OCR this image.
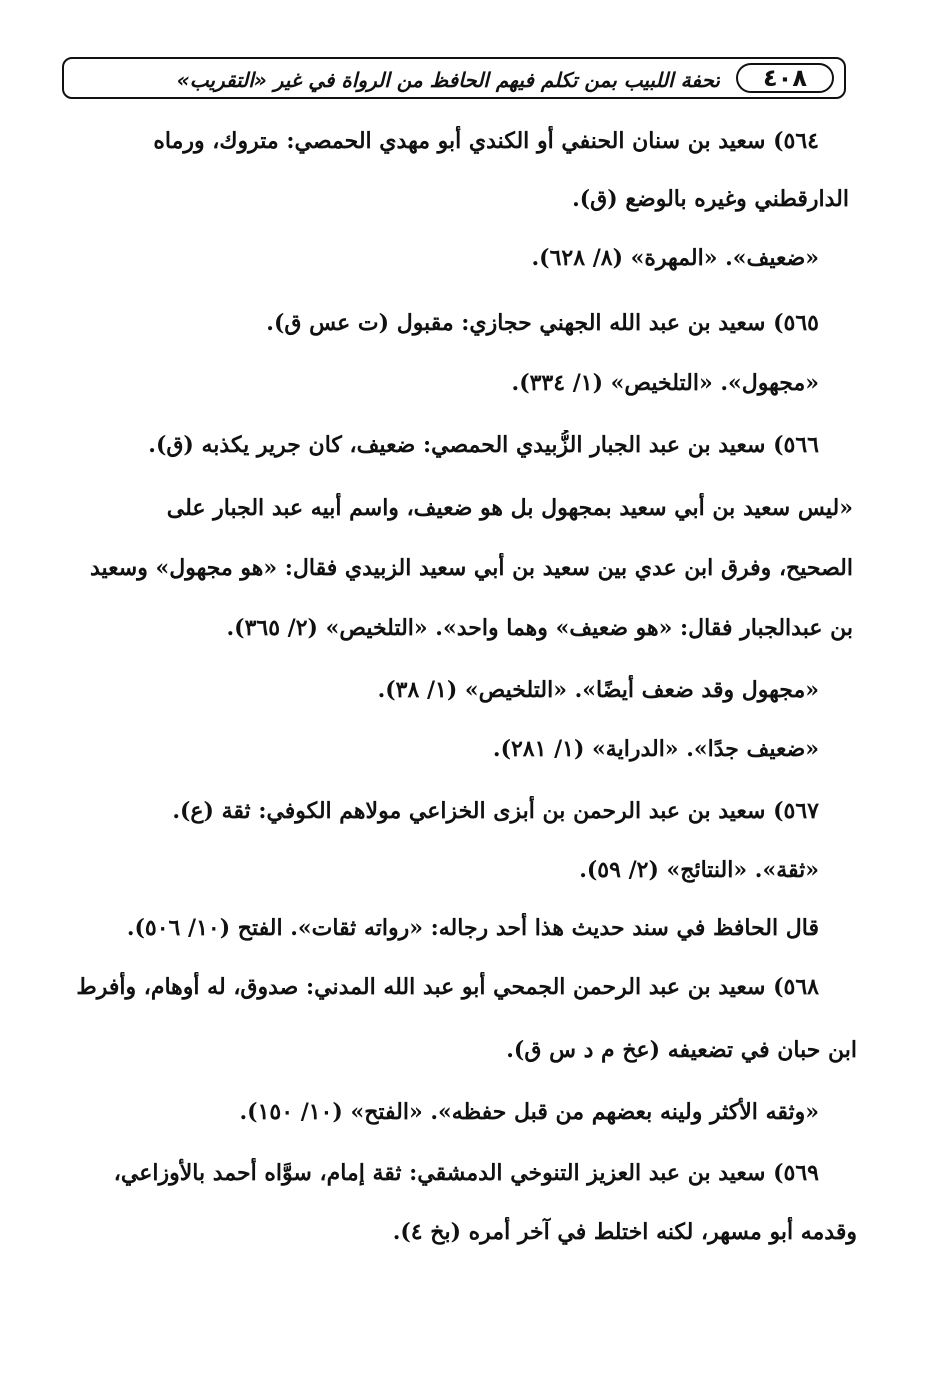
٤٠٨
تحفة اللبيب بمن تكلم فيهم الحافظ من الرواة في غير «التقريب»
٥٦٤) سعيد بن سنان الحنفي أو الكندي أبو مهدي الحمصي: متروك، ورماه
الدارقطني وغيره بالوضع (ق).
«ضعيف». «المهرة» (٨/ ٦٢٨).
٥٦٥) سعيد بن عبد الله الجهني حجازي: مقبول (ت عس ق).
«مجهول». «التلخيص» (١/ ٣٣٤).
٥٦٦) سعيد بن عبد الجبار الزُّبيدي الحمصي: ضعيف، كان جرير يكذبه (ق).
«ليس سعيد بن أبي سعيد بمجهول بل هو ضعيف، واسم أبيه عبد الجبار على
الصحيح، وفرق ابن عدي بين سعيد بن أبي سعيد الزبيدي فقال: «هو مجهول» وسعيد
بن عبدالجبار فقال: «هو ضعيف» وهما واحد». «التلخيص» (٢/ ٣٦٥).
«مجهول وقد ضعف أيضًا». «التلخيص» (١/ ٣٨).
«ضعيف جدًا». «الدراية» (١/ ٢٨١).
٥٦٧) سعيد بن عبد الرحمن بن أبزى الخزاعي مولاهم الكوفي: ثقة (ع).
«ثقة». «النتائج» (٢/ ٥٩).
قال الحافظ في سند حديث هذا أحد رجاله: «رواته ثقات». الفتح (١٠/ ٥٠٦).
٥٦٨) سعيد بن عبد الرحمن الجمحي أبو عبد الله المدني: صدوق، له أوهام، وأفرط
ابن حبان في تضعيفه (عخ م د س ق).
«وثقه الأكثر ولينه بعضهم من قبل حفظه». «الفتح» (١٠/ ١٥٠).
٥٦٩) سعيد بن عبد العزيز التنوخي الدمشقي: ثقة إمام، سوَّاه أحمد بالأوزاعي،
وقدمه أبو مسهر، لكنه اختلط في آخر أمره (بخ ٤).
